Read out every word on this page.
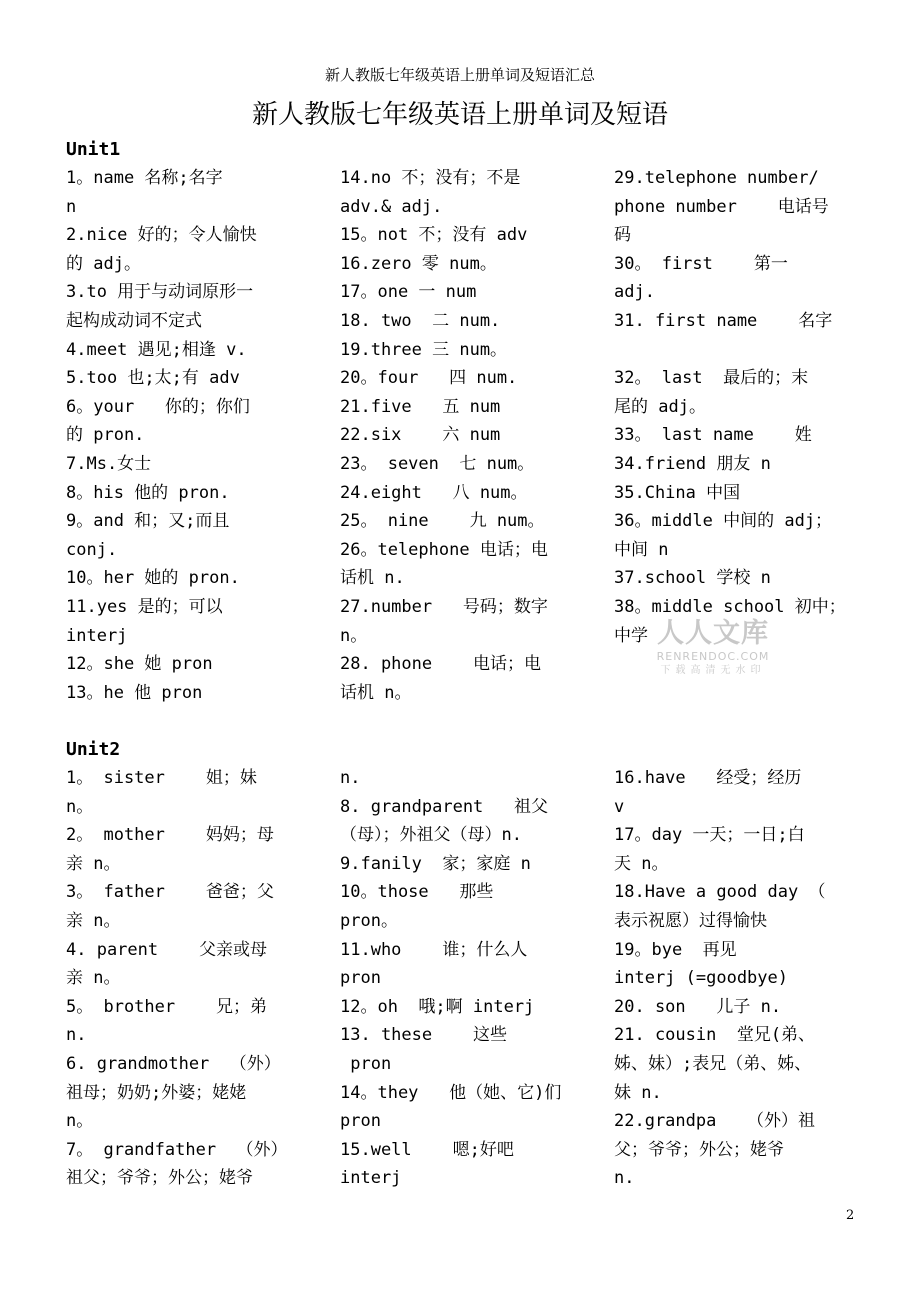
新人教版七年级英语上册单词及短语汇总
新人教版七年级英语上册单词及短语
Unit1
1。name 名称;名字
n
2.nice 好的；令人愉快
的 adj。
3.to 用于与动词原形一
起构成动词不定式
4.meet 遇见;相逢 v.
5.too 也;太;有 adv
6。your   你的；你们
的 pron.
7.Ms.女士
8。his 他的 pron.
9。and 和；又;而且
conj.
10。her 她的 pron.
11.yes 是的；可以
interj
12。she 她 pron
13。he 他 pron
14.no 不；没有；不是
adv.& adj.
15。not 不；没有 adv
16.zero 零 num。
17。one 一 num
18. two  二 num.
19.three 三 num。
20。four   四 num.
21.five   五 num
22.six    六 num
23。 seven  七 num。
24.eight   八 num。
25。 nine    九 num。
26。telephone 电话；电
话机 n.
27.number   号码；数字
n。
28. phone    电话；电
话机 n。
29.telephone number/
phone number    电话号
码
30。 first    第一
adj.
31. first name    名字

32。 last  最后的；末
尾的 adj。
33。 last name    姓
34.friend 朋友 n
35.China 中国
36。middle 中间的 adj；
中间 n
37.school 学校 n
38。middle school 初中；
中学 人人文库
RENRENDOC.COM
下载高清无水印
Unit2
1。 sister    姐；妹
n。
2。 mother    妈妈；母
亲 n。
3。 father    爸爸；父
亲 n。
4. parent    父亲或母
亲 n。
5。 brother    兄；弟
n.
6. grandmother  （外）
祖母；奶奶;外婆；姥姥
n。
7。 grandfather  （外）
祖父；爷爷；外公；姥爷
n.
8. grandparent   祖父
（母）；外祖父（母）n.
9.fanily  家；家庭 n
10。those   那些
pron。
11.who    谁；什么人
pron
12。oh  哦;啊 interj
13. these    这些
pron
14。they   他（她、它)们
pron
15.well    嗯;好吧
interj
16.have   经受；经历
v
17。day 一天；一日;白
天 n。
18.Have a good day （
表示祝愿）过得愉快
19。bye  再见
interj (=goodbye)
20. son   儿子 n.
21. cousin  堂兄(弟、
姊、妹）;表兄（弟、姊、
妹 n.
22.grandpa   （外）祖
父；爷爷；外公；姥爷
n.
2
